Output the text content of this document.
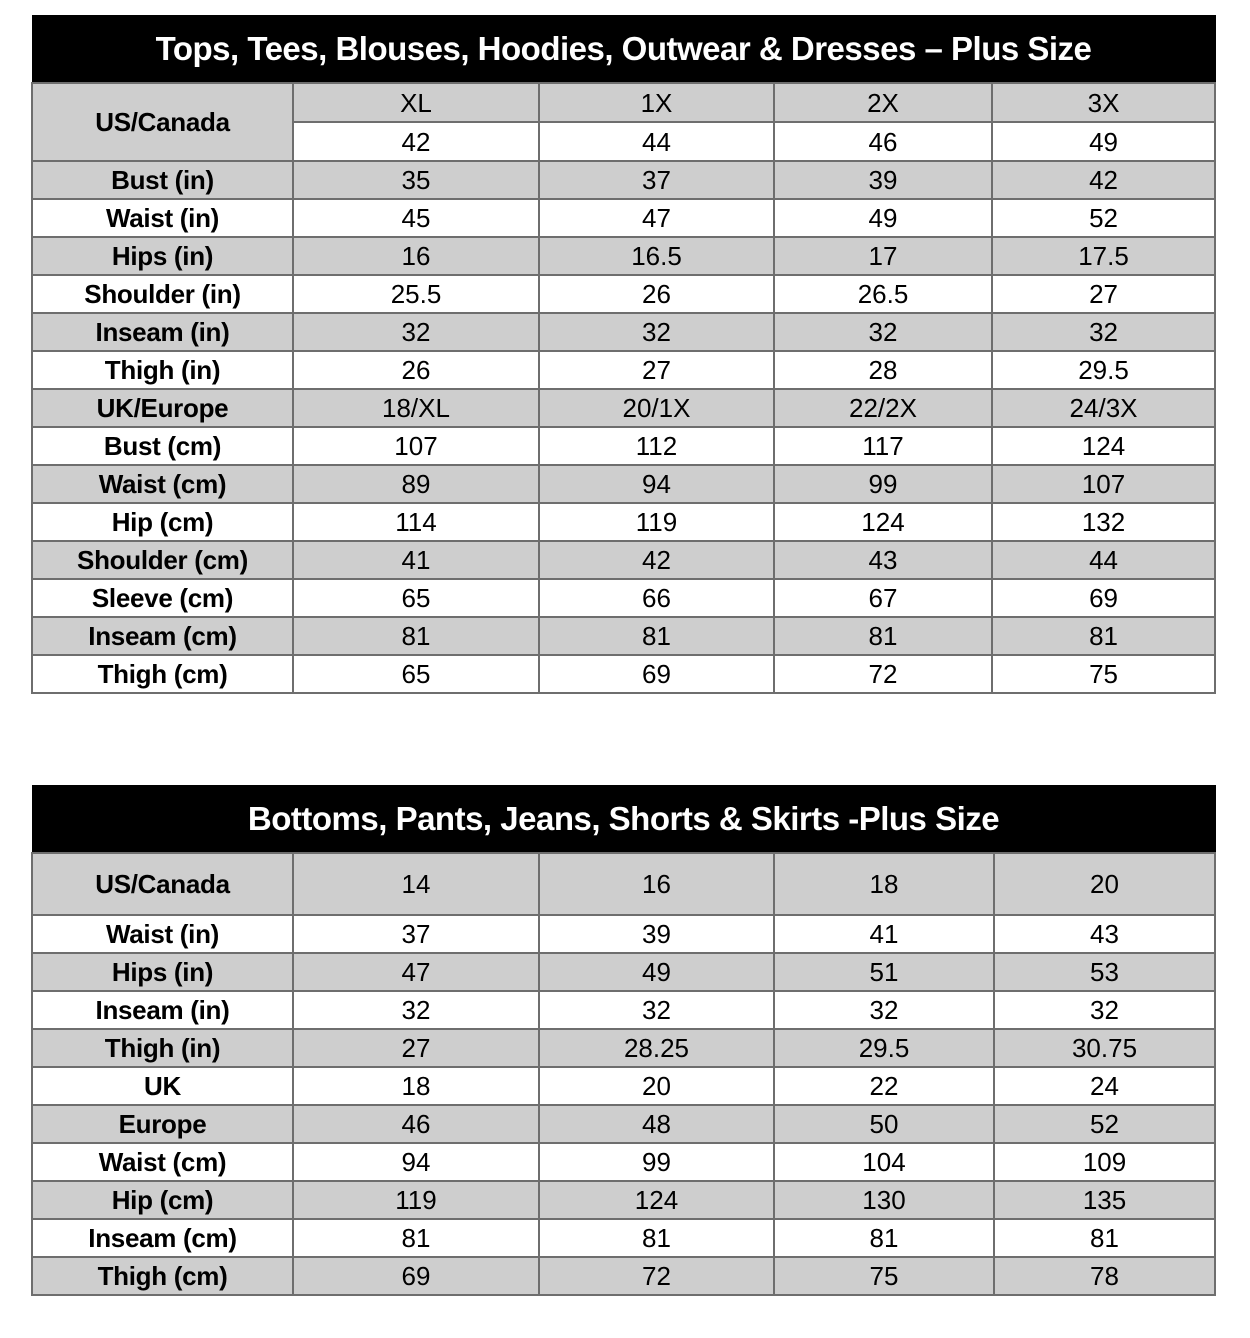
Tops, Tees, Blouses, Hoodies, Outwear & Dresses – Plus Size				
US/Canada	XL	1X	2X	3X
	42	44	46	49
Bust (in)	35	37	39	42
Waist (in)	45	47	49	52
Hips (in)	16	16.5	17	17.5
Shoulder (in)	25.5	26	26.5	27
Inseam (in)	32	32	32	32
Thigh (in)	26	27	28	29.5
UK/Europe	18/XL	20/1X	22/2X	24/3X
Bust (cm)	107	112	117	124
Waist (cm)	89	94	99	107
Hip (cm)	114	119	124	132
Shoulder (cm)	41	42	43	44
Sleeve (cm)	65	66	67	69
Inseam (cm)	81	81	81	81
Thigh (cm)	65	69	72	75
Bottoms, Pants, Jeans, Shorts & Skirts -Plus Size				
US/Canada	14	16	18	20
Waist (in)	37	39	41	43
Hips (in)	47	49	51	53
Inseam (in)	32	32	32	32
Thigh (in)	27	28.25	29.5	30.75
UK	18	20	22	24
Europe	46	48	50	52
Waist (cm)	94	99	104	109
Hip (cm)	119	124	130	135
Inseam (cm)	81	81	81	81
Thigh (cm)	69	72	75	78
